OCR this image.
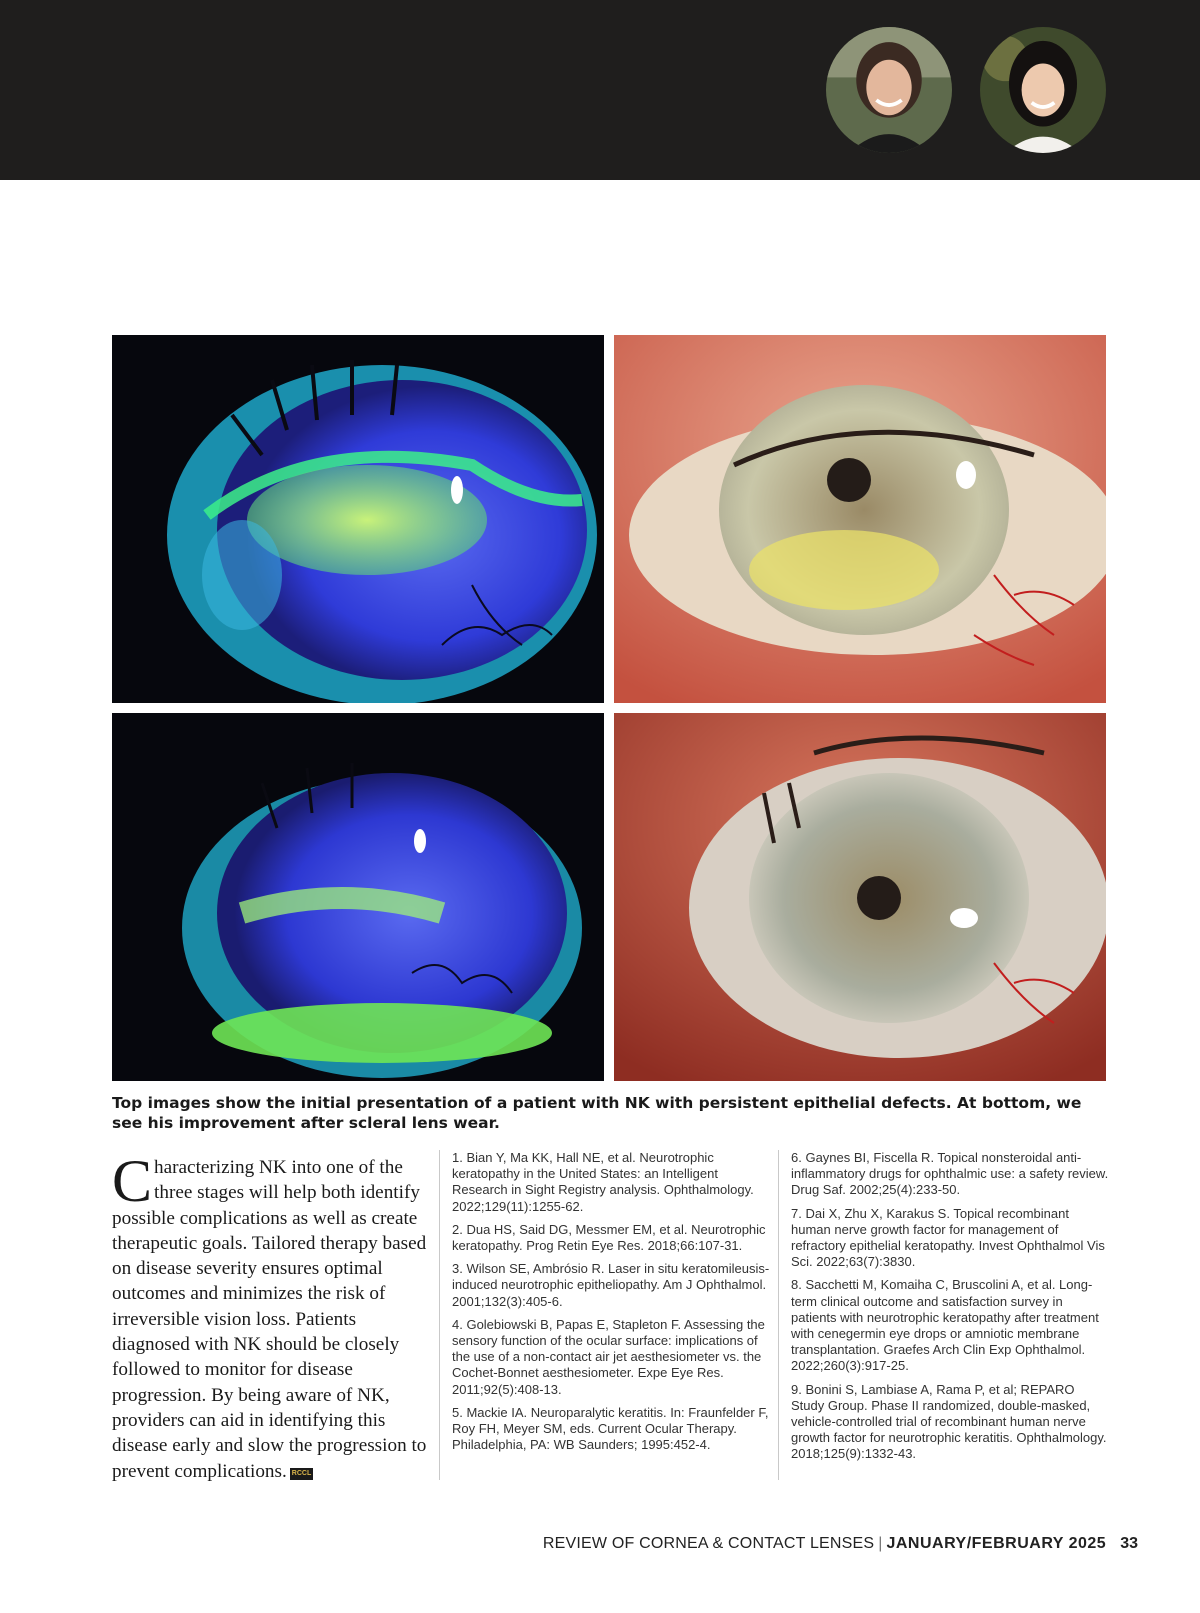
Top images show the initial presentation of a patient with NK with persistent epithelial defects. At bottom, we see his improvement after scleral lens wear.
Characterizing NK into one of the three stages will help both identify possible complications as well as create therapeutic goals. Tailored therapy based on disease severity ensures optimal outcomes and minimizes the risk of irreversible vision loss. Patients diagnosed with NK should be closely followed to monitor for disease progression. By being aware of NK, providers can aid in identifying this disease early and slow the progression to prevent complications. RCCL

1. Bian Y, Ma KK, Hall NE, et al. Neurotrophic keratopathy in the United States: an Intelligent Research in Sight Registry analysis. Ophthalmology. 2022;129(11):1255-62.

2. Dua HS, Said DG, Messmer EM, et al. Neurotrophic keratopathy. Prog Retin Eye Res. 2018;66:107-31.

3. Wilson SE, Ambrósio R. Laser in situ keratomileusis-induced neurotrophic epitheliopathy. Am J Ophthalmol. 2001;132(3):405-6.

4. Golebiowski B, Papas E, Stapleton F. Assessing the sensory function of the ocular surface: implications of the use of a non-contact air jet aesthesiometer vs. the Cochet-Bonnet aesthesiometer. Expe Eye Res. 2011;92(5):408-13.

5. Mackie IA. Neuroparalytic keratitis. In: Fraunfelder F, Roy FH, Meyer SM, eds. Current Ocular Therapy. Philadelphia, PA: WB Saunders; 1995:452-4.

6. Gaynes BI, Fiscella R. Topical nonsteroidal anti-inflammatory drugs for ophthalmic use: a safety review. Drug Saf. 2002;25(4):233-50.

7. Dai X, Zhu X, Karakus S. Topical recombinant human nerve growth factor for management of refractory epithelial keratopathy. Invest Ophthalmol Vis Sci. 2022;63(7):3830.

8. Sacchetti M, Komaiha C, Bruscolini A, et al. Long-term clinical outcome and satisfaction survey in patients with neurotrophic keratopathy after treatment with cenegermin eye drops or amniotic membrane transplantation. Graefes Arch Clin Exp Ophthalmol. 2022;260(3):917-25.

9. Bonini S, Lambiase A, Rama P, et al; REPARO Study Group. Phase II randomized, double-masked, vehicle-controlled trial of recombinant human nerve growth factor for neurotrophic keratitis. Ophthalmology. 2018;125(9):1332-43.

REVIEW OF CORNEA & CONTACT LENSES | JANUARY/FEBRUARY 2025 33
